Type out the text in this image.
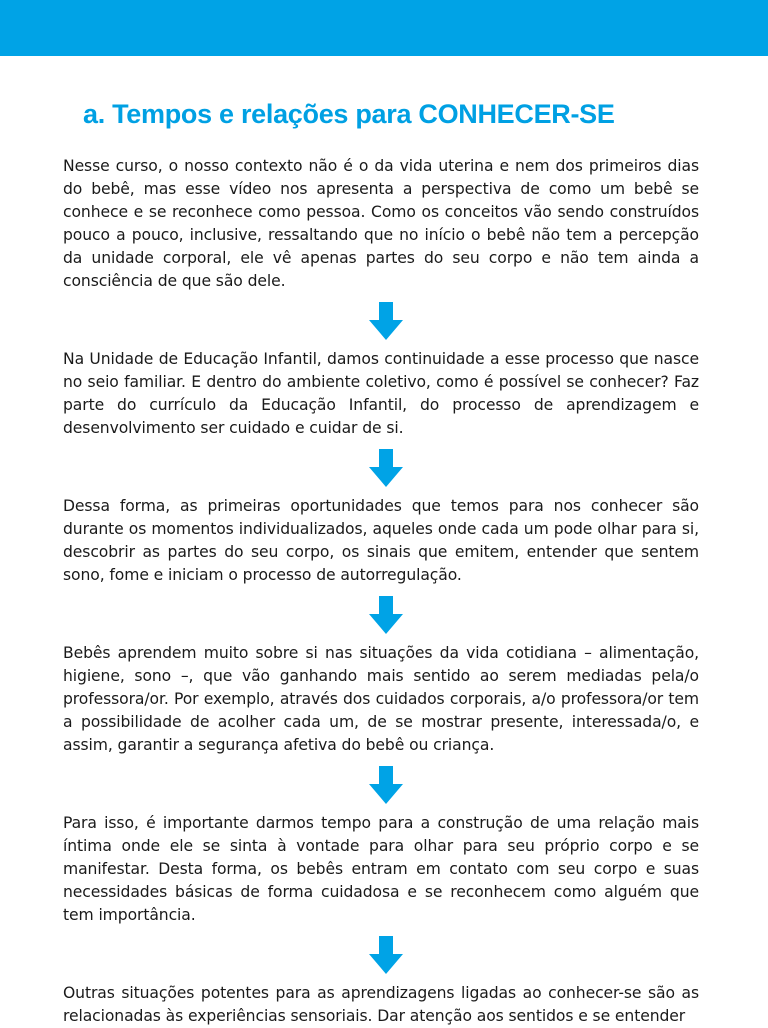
a. Tempos e relações para CONHECER-SE

Nesse curso, o nosso contexto não é o da vida uterina e nem dos primeiros dias do bebê, mas esse vídeo nos apresenta a perspectiva de como um bebê se conhece e se reconhece como pessoa. Como os conceitos vão sendo construídos pouco a pouco, inclusive, ressaltando que no início o bebê não tem a percepção da unidade corporal, ele vê apenas partes do seu corpo e não tem ainda a consciência de que são dele.

Na Unidade de Educação Infantil, damos continuidade a esse processo que nasce no seio familiar. E dentro do ambiente coletivo, como é possível se conhecer? Faz parte do currículo da Educação Infantil, do processo de aprendizagem e desenvolvimento ser cuidado e cuidar de si.

Dessa forma, as primeiras oportunidades que temos para nos conhecer são durante os momentos individualizados, aqueles onde cada um pode olhar para si, descobrir as partes do seu corpo, os sinais que emitem, entender que sentem sono, fome e iniciam o processo de autorregulação.

Bebês aprendem muito sobre si nas situações da vida cotidiana – alimentação, higiene, sono –, que vão ganhando mais sentido ao serem mediadas pela/o professora/or. Por exemplo, através dos cuidados corporais, a/o professora/or tem a possibilidade de acolher cada um, de se mostrar presente, interessada/o, e assim, garantir a segurança afetiva do bebê ou criança.

Para isso, é importante darmos tempo para a construção de uma relação mais íntima onde ele se sinta à vontade para olhar para seu próprio corpo e se manifestar. Desta forma, os bebês entram em contato com seu corpo e suas necessidades básicas de forma cuidadosa e se reconhecem como alguém que tem importância.

Outras situações potentes para as aprendizagens ligadas ao conhecer-se são as relacionadas às experiências sensoriais. Dar atenção aos sentidos e se entender
